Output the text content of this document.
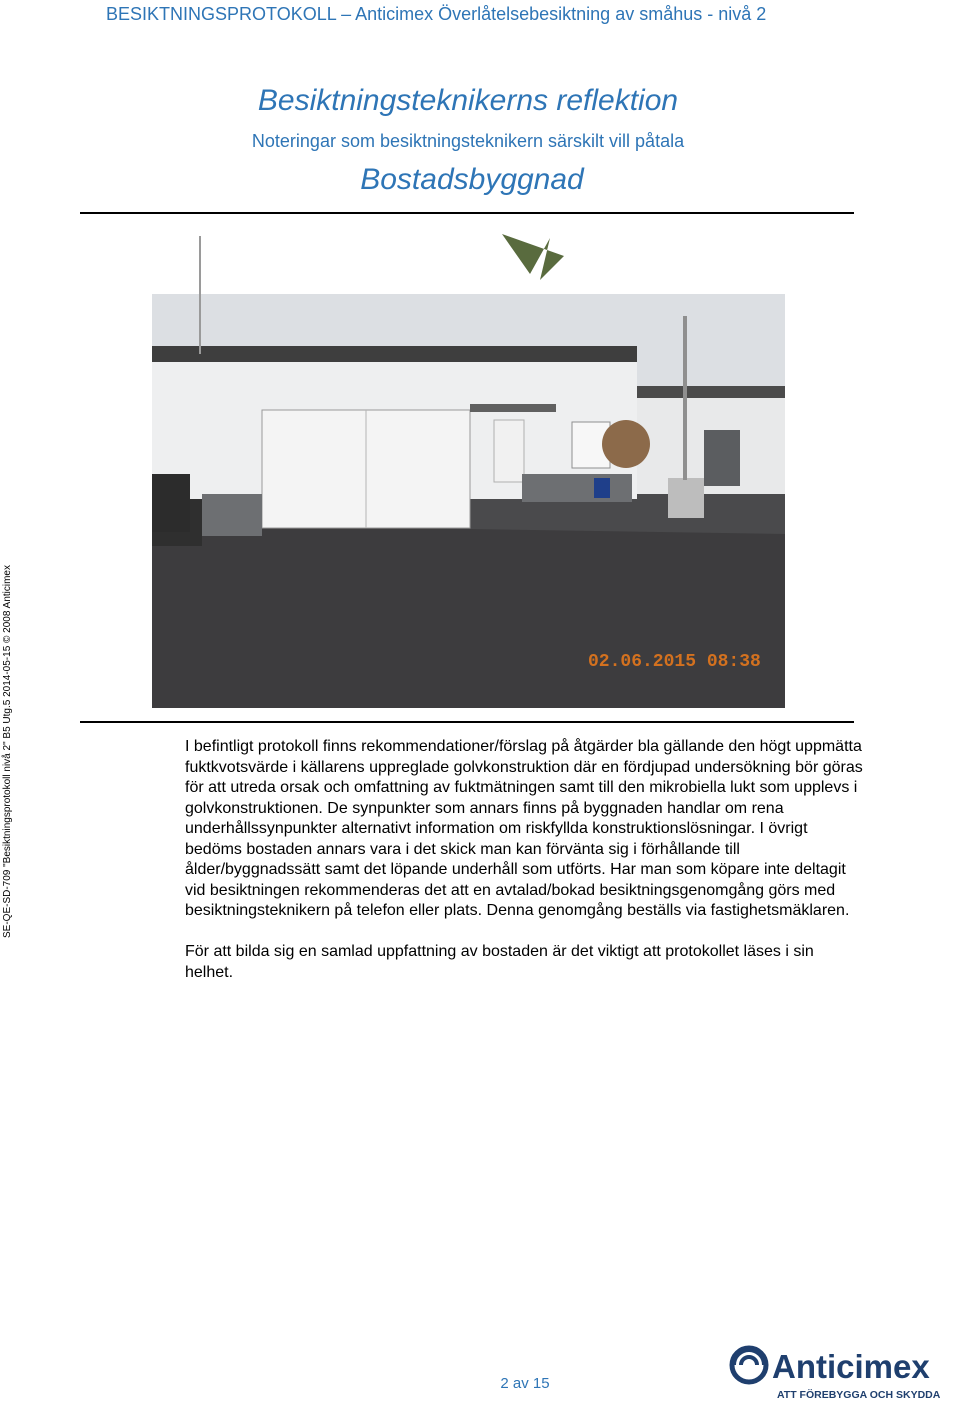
BESIKTNINGSPROTOKOLL – Anticimex Överlåtelsebesiktning av småhus - nivå 2
SE-QE-SD-709 "Besiktningsprotokoll nivå 2" B5 Utg.5 2014-05-15 © 2008 Anticimex
Besiktningsteknikerns reflektion
Noteringar som besiktningsteknikern särskilt vill påtala
Bostadsbyggnad
02.06.2015 08:38

I befintligt protokoll finns rekommendationer/förslag på åtgärder bla gällande den högt uppmätta fuktkvotsvärde i källarens uppreglade golvkonstruktion där en fördjupad undersökning bör göras för att utreda orsak och omfattning av fuktmätningen samt till den mikrobiella lukt som upplevs i golvkonstruktionen. De synpunkter som annars finns på byggnaden handlar om rena underhållssynpunkter alternativt information om riskfyllda konstruktionslösningar. I övrigt bedöms bostaden annars vara i det skick man kan förvänta sig i förhållande till ålder/byggnadssätt samt det löpande underhåll som utförts. Har man som köpare inte deltagit vid besiktningen rekommenderas det att en avtalad/bokad besiktningsgenomgång görs med besiktningsteknikern på telefon eller plats. Denna genomgång beställs via fastighetsmäklaren.

För att bilda sig en samlad uppfattning av bostaden är det viktigt att protokollet läses i sin helhet.

2 av 15	Anticimex
ATT FÖREBYGGA OCH SKYDDA
